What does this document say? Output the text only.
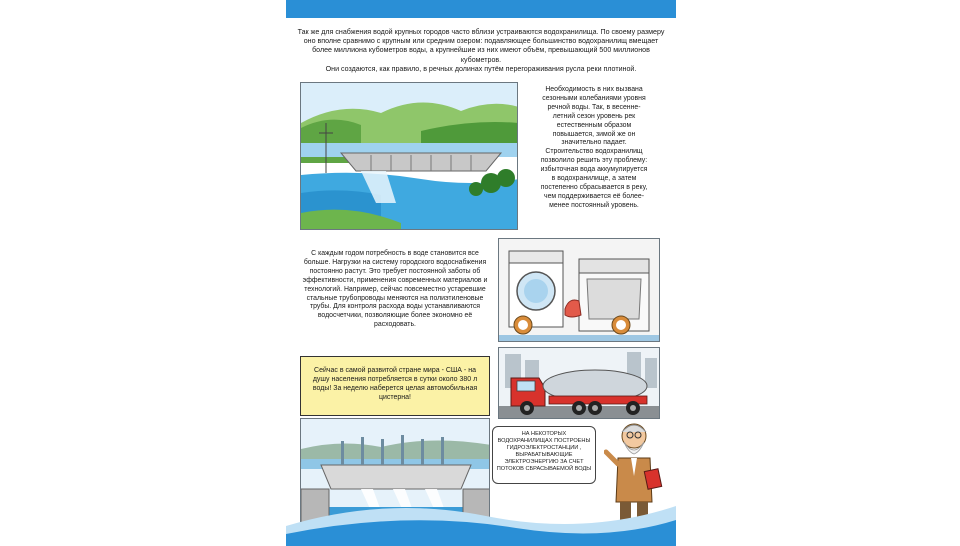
Так же для снабжения водой крупных городов часто вблизи устраиваются водохранилища. По своему размеру оно вполне сравнимо с крупным или средним озером: подавляющее большинство водохранилищ вмещает более миллиона кубометров воды, а крупнейшие из них имеют объём, превышающий 500 миллионов кубометров.

Они создаются, как правило, в речных долинах путём перегораживания русла реки плотиной.

Необходимость в них вызвана сезонными колебаниями уровня речной воды. Так, в весенне-летний сезон уровень рек естественным образом повышается, зимой же он значительно падает. Строительство водохранилищ позволило решить эту проблему: избыточная вода аккумулируется в водохранилище, а затем постепенно сбрасывается в реку, чем поддерживается её более-менее постоянный уровень.
С каждым годом потребность в воде становится все больше. Нагрузки на систему городского водоснабжения постоянно растут. Это требует постоянной заботы об эффективности, применения современных материалов и технологий. Например, сейчас повсеместно устаревшие стальные трубопроводы меняются на полиэтиленовые трубы. Для контроля расхода воды устанавливаются водосчетчики, позволяющие более экономно её расходовать.
Сейчас в самой развитой стране мира - США - на душу населения потребляется в сутки около 380 л воды! За неделю наберется целая автомобильная цистерна!
НА НЕКОТОРЫХ ВОДОХРАНИЛИЩАХ ПОСТРОЕНЫ ГИДРОЭЛЕКТРОСТАНЦИИ , ВЫРАБАТЫВАЮЩИЕ ЭЛЕКТРОЭНЕРГИЮ ЗА СЧЕТ ПОТОКОВ СБРАСЫВАЕМОЙ ВОДЫ
